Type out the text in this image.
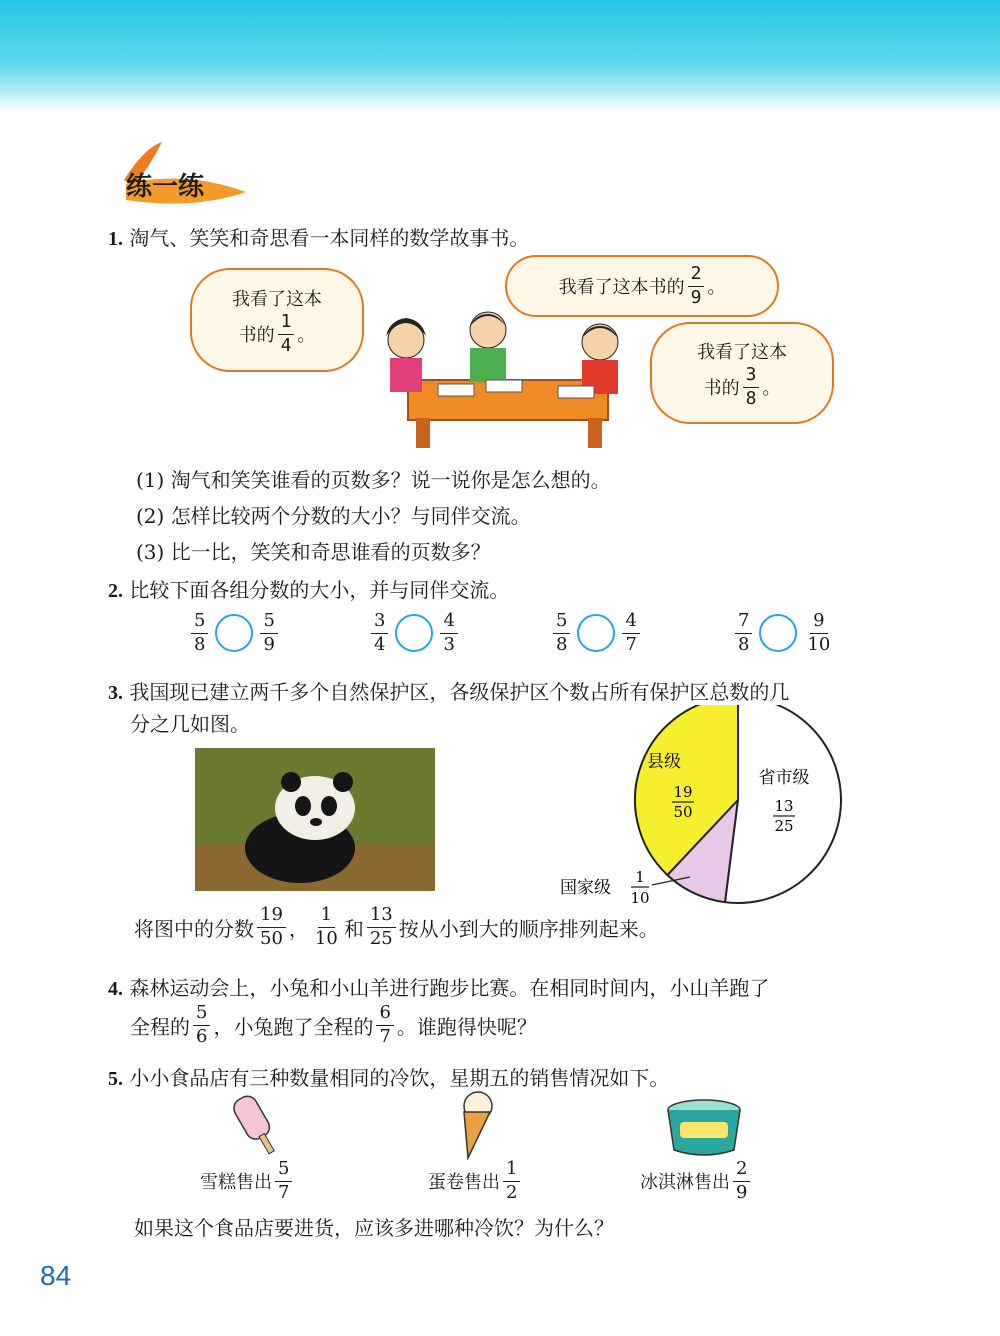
练一练
1. 淘气、笑笑和奇思看一本同样的数学故事书。
我看了这本
书的 $\frac{1}{4}$ 。
我看了这本书的 $\frac{2}{9}$ 。
我看了这本
书的 $\frac{3}{8}$ 。
(1) 淘气和笑笑谁看的页数多？说一说你是怎么想的。
(2) 怎样比较两个分数的大小？与同伴交流。
(3) 比一比，笑笑和奇思谁看的页数多？
2. 比较下面各组分数的大小，并与同伴交流。
$\frac{5}{8}$	$\frac{5}{9}$	$\frac{3}{4}$	$\frac{4}{3}$	$\frac{5}{8}$	$\frac{4}{7}$	$\frac{7}{8}$	$\frac{9}{10}$
3. 我国现已建立两千多个自然保护区，各级保护区个数占所有保护区总数的几
分之几如图。
县级
19
50
省市级
13
25
国家级
1
10
将图中的分数 $\frac{19}{50}$ ， $\frac{1}{10}$ 和 $\frac{13}{25}$ 按从小到大的顺序排列起来。
4. 森林运动会上，小兔和小山羊进行跑步比赛。在相同时间内，小山羊跑了
全程的 $\frac{5}{6}$ ，小兔跑了全程的 $\frac{6}{7}$ 。谁跑得快呢？
5. 小小食品店有三种数量相同的冷饮，星期五的销售情况如下。
雪糕售出 $\frac{5}{7}$	蛋卷售出 $\frac{1}{2}$	冰淇淋售出 $\frac{2}{9}$
如果这个食品店要进货，应该多进哪种冷饮？为什么？
84
